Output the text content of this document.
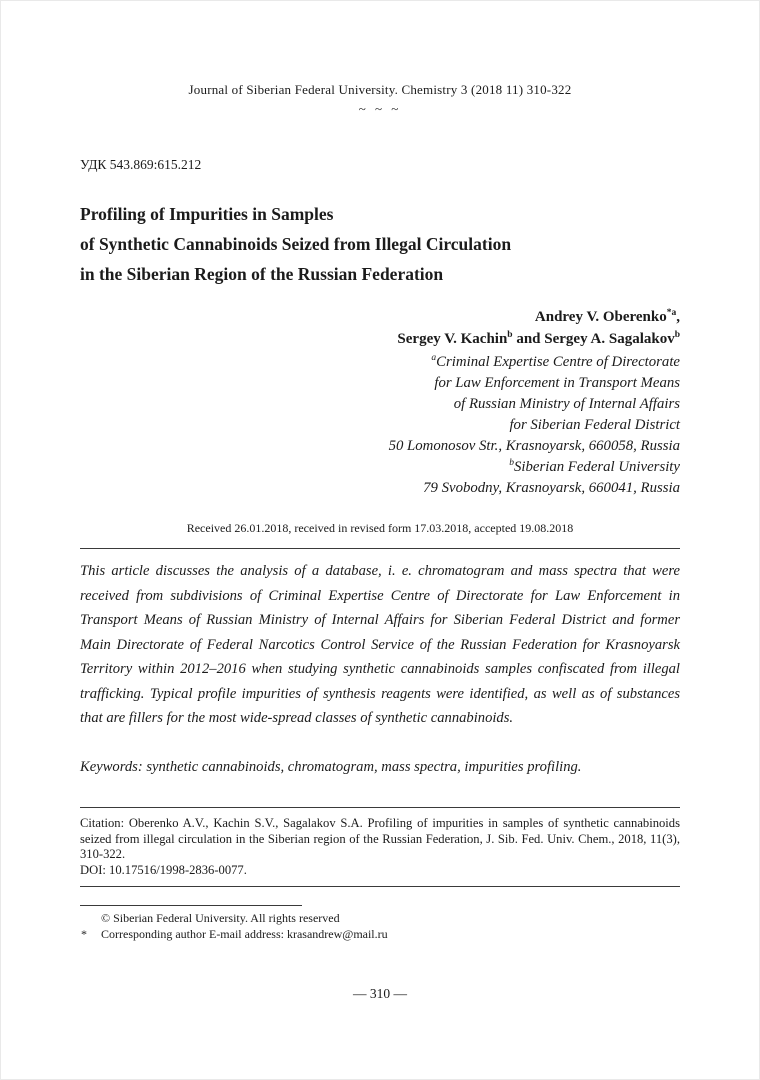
Journal of Siberian Federal University. Chemistry 3 (2018 11) 310-322
~ ~ ~
УДК 543.869:615.212
Profiling of Impurities in Samples
of Synthetic Cannabinoids Seized from Illegal Circulation
in the Siberian Region of the Russian Federation
Andrey V. Oberenko$^{*a}$,
Sergey V. Kachin$^b$ and Sergey A. Sagalakov$^b$
$^a$Criminal Expertise Centre of Directorate
for Law Enforcement in Transport Means
of Russian Ministry of Internal Affairs
for Siberian Federal District
50 Lomonosov Str., Krasnoyarsk, 660058, Russia
$^b$Siberian Federal University
79 Svobodny, Krasnoyarsk, 660041, Russia
Received 26.01.2018, received in revised form 17.03.2018, accepted 19.08.2018

This article discusses the analysis of a database, i. e. chromatogram and mass spectra that were received from subdivisions of Criminal Expertise Centre of Directorate for Law Enforcement in Transport Means of Russian Ministry of Internal Affairs for Siberian Federal District and former Main Directorate of Federal Narcotics Control Service of the Russian Federation for Krasnoyarsk Territory within 2012–2016 when studying synthetic cannabinoids samples confiscated from illegal trafficking. Typical profile impurities of synthesis reagents were identified, as well as of substances that are fillers for the most wide-spread classes of synthetic cannabinoids.

Keywords: synthetic cannabinoids, chromatogram, mass spectra, impurities profiling.

Citation: Oberenko A.V., Kachin S.V., Sagalakov S.A. Profiling of impurities in samples of synthetic cannabinoids seized from illegal circulation in the Siberian region of the Russian Federation, J. Sib. Fed. Univ. Chem., 2018, 11(3), 310-322.

DOI: 10.17516/1998-2836-0077.

© Siberian Federal University. All rights reserved
* Corresponding author E-mail address: krasandrew@mail.ru
— 310 —
